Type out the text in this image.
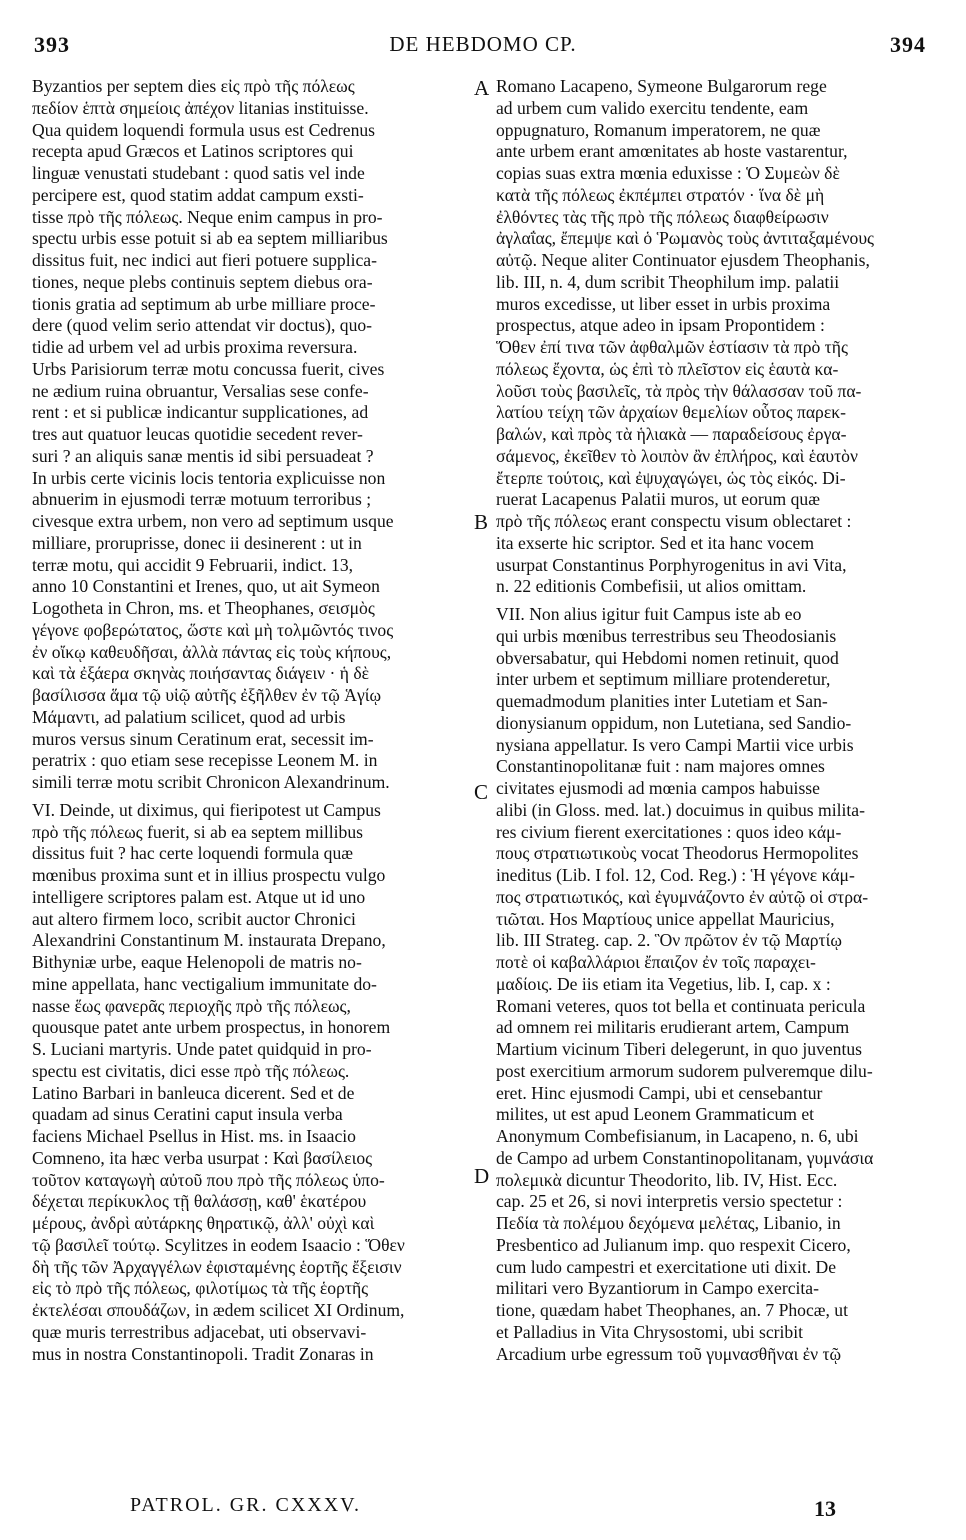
393	DE HEBDOMO CP.	394
Byzantios per septem dies εἰς πρὸ τῆς πόλεως
πεδίον ἑπτὰ σημείοις ἀπέχον litanias instituisse.
Qua quidem loquendi formula usus est Cedrenus
recepta apud Græcos et Latinos scriptores qui
linguæ venustati studebant : quod satis vel inde
percipere est, quod statim addat campum exsti-
tisse πρὸ τῆς πόλεως. Neque enim campus in pro-
spectu urbis esse potuit si ab ea septem milliaribus
dissitus fuit, nec indici aut fieri potuere supplica-
tiones, neque plebs continuis septem diebus ora-
tionis gratia ad septimum ab urbe milliare proce-
dere (quod velim serio attendat vir doctus), quo-
tidie ad urbem vel ad urbis proxima reversura.
Urbs Parisiorum terræ motu concussa fuerit, cives
ne ædium ruina obruantur, Versalias sese confe-
rent : et si publicæ indicantur supplicationes, ad
tres aut quatuor leucas quotidie secedent rever-
suri ? an aliquis sanæ mentis id sibi persuadeat ?
In urbis certe vicinis locis tentoria explicuisse non
abnuerim in ejusmodi terræ motuum terroribus ;
civesque extra urbem, non vero ad septimum usque
milliare, proruprisse, donec ii desinerent : ut in
terræ motu, qui accidit 9 Februarii, indict. 13,
anno 10 Constantini et Irenes, quo, ut ait Symeon
Logotheta in Chron, ms. et Theophanes, σεισμὸς
γέγονε φοβερώτατος, ὥστε καὶ μὴ τολμῶντός τινος
ἐν οἴκῳ καθευδῆσαι, ἀλλὰ πάντας εἰς τοὺς κήπους,
καὶ τὰ ἐξάερα σκηνὰς ποιήσαντας διάγειν · ἡ δὲ
βασίλισσα ἅμα τῷ υἱῷ αὐτῆς ἐξῆλθεν ἐν τῷ Ἁγίῳ
Μάμαντι, ad palatium scilicet, quod ad urbis
muros versus sinum Ceratinum erat, secessit im-
peratrix : quo etiam sese recepisse Leonem M. in
simili terræ motu scribit Chronicon Alexandrinum.
VI. Deinde, ut diximus, qui fieripotest ut Campus
πρὸ τῆς πόλεως fuerit, si ab ea septem millibus
dissitus fuit ? hac certe loquendi formula quæ
mœnibus proxima sunt et in illius prospectu vulgo
intelligere scriptores palam est. Atque ut id uno
aut altero firmem loco, scribit auctor Chronici
Alexandrini Constantinum M. instaurata Drepano,
Bithyniæ urbe, eaque Helenopoli de matris no-
mine appellata, hanc vectigalium immunitate do-
nasse ἕως φανερᾶς περιοχῆς πρὸ τῆς πόλεως,
quousque patet ante urbem prospectus, in honorem
S. Luciani martyris. Unde patet quidquid in pro-
spectu est civitatis, dici esse πρὸ τῆς πόλεως.
Latino Barbari in banleuca dicerent. Sed et de
quadam ad sinus Ceratini caput insula verba
faciens Michael Psellus in Hist. ms. in Isaacio
Comneno, ita hæc verba usurpat : Καὶ βασίλειος
τοῦτον καταγωγὴ αὐτοῦ που πρὸ τῆς πόλεως ὑπο-
δέχεται περίκυκλος τῇ θαλάσσῃ, καθ' ἑκατέρου
μέρους, ἀνδρὶ αὐτάρκης θηρατικῷ, ἀλλ' οὐχὶ καὶ
τῷ βασιλεῖ τούτῳ. Scylitzes in eodem Isaacio : Ὅθεν
δὴ τῆς τῶν Ἀρχαγγέλων ἐφισταμένης ἑορτῆς ἔξεισιν
εἰς τὸ πρὸ τῆς πόλεως, φιλοτίμως τὰ τῆς ἑορτῆς
ἐκτελέσαι σπουδάζων, in ædem scilicet XI Ordinum,
quæ muris terrestribus adjacebat, uti observavi-
mus in nostra Constantinopoli. Tradit Zonaras in
Romano Lacapeno, Symeone Bulgarorum rege
ad urbem cum valido exercitu tendente, eam
oppugnaturo, Romanum imperatorem, ne quæ
ante urbem erant amœnitates ab hoste vastarentur,
copias suas extra mœnia eduxisse : Ὁ Συμεὼν δὲ
κατὰ τῆς πόλεως ἐκπέμπει στρατόν · ἵνα δὲ μὴ
ἐλθόντες τὰς τῆς πρὸ τῆς πόλεως διαφθείρωσιν
ἀγλαΐας, ἔπεμψε καὶ ὁ Ῥωμανὸς τοὺς ἀντιταξαμένους
αὐτῷ. Neque aliter Continuator ejusdem Theophanis,
lib. III, n. 4, dum scribit Theophilum imp. palatii
muros excedisse, ut liber esset in urbis proxima
prospectus, atque adeo in ipsam Propontidem :
Ὅθεν ἐπί τινα τῶν ἀφθαλμῶν ἑστίασιν τὰ πρὸ τῆς
πόλεως ἔχοντα, ὡς ἐπὶ τὸ πλεῖστον εἰς ἑαυτὰ κα-
λοῦσι τοὺς βασιλεῖς, τὰ πρὸς τὴν θάλασσαν τοῦ πα-
λατίου τείχη τῶν ἀρχαίων θεμελίων οὗτος παρεκ-
βαλών, καὶ πρὸς τὰ ἡλιακὰ — παραδείσους ἐργα-
σάμενος, ἐκεῖθεν τὸ λοιπὸν ἂν ἐπλήρος, καὶ ἑαυτὸν
ἔτερπε τούτοις, καὶ ἐψυχαγώγει, ὡς τὸς εἰκός. Di-
ruerat Lacapenus Palatii muros, ut eorum quæ
πρὸ τῆς πόλεως erant conspectu visum oblectaret :
ita exserte hic scriptor. Sed et ita hanc vocem
usurpat Constantinus Porphyrogenitus in avi Vita,
n. 22 editionis Combefisii, ut alios omittam.
VII. Non alius igitur fuit Campus iste ab eo
qui urbis mœnibus terrestribus seu Theodosianis
obversabatur, qui Hebdomi nomen retinuit, quod
inter urbem et septimum milliare protenderetur,
quemadmodum planities inter Lutetiam et San-
dionysianum oppidum, non Lutetiana, sed Sandio-
nysiana appellatur. Is vero Campi Martii vice urbis
Constantinopolitanæ fuit : nam majores omnes
civitates ejusmodi ad mœnia campos habuisse
alibi (in Gloss. med. lat.) docuimus in quibus milita-
res civium fierent exercitationes : quos ideo κάμ-
πους στρατιωτικοὺς vocat Theodorus Hermopolites
ineditus (Lib. I fol. 12, Cod. Reg.) : Ἡ γέγονε κάμ-
πος στρατιωτικός, καὶ ἐγυμνάζοντο ἐν αὐτῷ οἱ στρα-
τιῶται. Hos Μαρτίους unice appellat Mauricius,
lib. III Strateg. cap. 2. Ὃν πρῶτον ἐν τῷ Μαρτίῳ
ποτὲ οἱ καβαλλάριοι ἔπαιζον ἐν τοῖς παραχει-
μαδίοις. De iis etiam ita Vegetius, lib. I, cap. x :
Romani veteres, quos tot bella et continuata pericula
ad omnem rei militaris erudierant artem, Campum
Martium vicinum Tiberi delegerunt, in quo juventus
post exercitium armorum sudorem pulveremque dilu-
eret. Hinc ejusmodi Campi, ubi et censebantur
milites, ut est apud Leonem Grammaticum et
Anonymum Combefisianum, in Lacapeno, n. 6, ubi
de Campo ad urbem Constantinopolitanam, γυμνάσια
πολεμικὰ dicuntur Theodorito, lib. IV, Hist. Ecc.
cap. 25 et 26, si novi interpretis versio spectetur :
Πεδία τὰ πολέμου δεχόμενα μελέτας, Libanio, in
Presbentico ad Julianum imp. quo respexit Cicero,
cum ludo campestri et exercitatione uti dixit. De
militari vero Byzantiorum in Campo exercita-
tione, quædam habet Theophanes, an. 7 Phocæ, ut
et Palladius in Vita Chrysostomi, ubi scribit
Arcadium urbe egressum τοῦ γυμνασθῆναι ἐν τῷ
A
B
C
D
PATROL. GR. CXXXV.	13
